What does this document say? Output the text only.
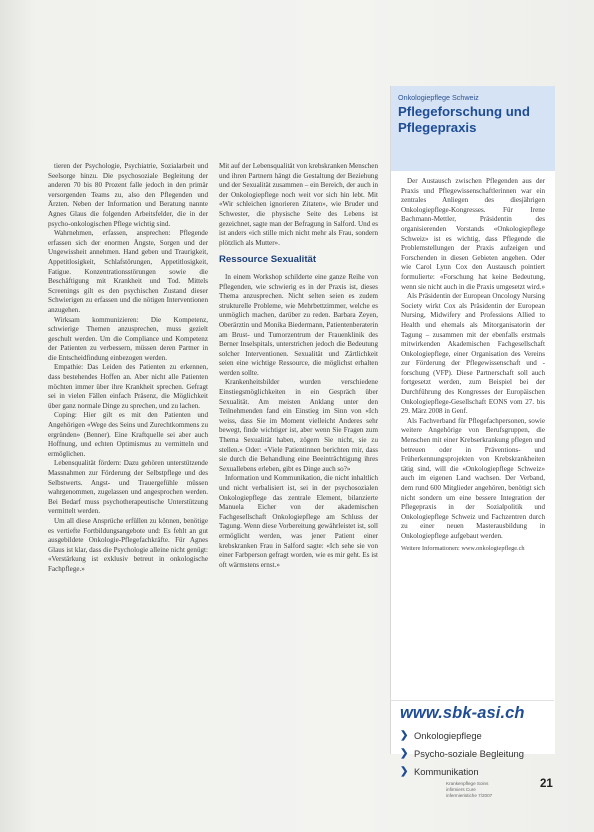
tieren der Psychologie, Psychiatrie, Sozialarbeit und Seelsorge hinzu. Die psychosoziale Begleitung der anderen 70 bis 80 Prozent falle jedoch in den primär versorgenden Teams zu, also den Pflegenden und Ärzten. Neben der Information und Beratung nannte Agnes Glaus die folgenden Arbeitsfelder, die in der psycho-onkologischen Pflege wichtig sind.

Wahrnehmen, erfassen, ansprechen: Pflegende erfassen sich der enormen Ängste, Sorgen und der Ungewissheit annehmen. Hand geben und Traurigkeit, Appetitlosigkeit, Schlafstörungen, Appetitlosigkeit, Fatigue. Konzentrationsstörungen sowie die Beschäftigung mit Krankheit und Tod. Mittels Screenings gilt es den psychischen Zustand dieser Schwierigen zu erfassen und die nötigen Interventionen anzugehen.

Wirksam kommunizieren: Die Kompetenz, schwierige Themen anzusprechen, muss gezielt geschult werden. Um die Compliance und Kompetenz der Patienten zu verbessern, müssen deren Partner in die Entscheidfindung einbezogen werden.

Empathie: Das Leiden des Patienten zu erkennen, dass bestehendes Hoffen an. Aber nicht alle Patienten möchten immer über ihre Krankheit sprechen. Gefragt sei in vielen Fällen einfach Präsenz, die Möglichkeit über ganz normale Dinge zu sprechen, und zu lachen.

Coping: Hier gilt es mit den Patienten und Angehörigen «Wege des Seins und Zurechtkommens zu ergründen» (Benner). Eine Kraftquelle sei aber auch Hoffnung, und echten Optimismus zu vermitteln und ermöglichen.

Lebensqualität fördern: Dazu gehören unterstützende Massnahmen zur Förderung der Selbstpflege und des Selbstwerts. Angst- und Trauergefühle müssen wahrgenommen, zugelassen und angesprochen werden. Bei Bedarf muss psychotherapeutische Unterstützung vermittelt werden.

Um all diese Ansprüche erfüllen zu können, benötige es vertiefte Fortbildungsangebote und: Es fehlt an gut ausgebildete Onkologie-Pflegefachkräfte. Für Agnes Glaus ist klar, dass die Psychologie alleine nicht genügt: «Verstärkung ist exklusiv betreut in onkologische Fachpflege.»

Mit auf der Lebensqualität von krebskranken Menschen und ihren Partnern hängt die Gestaltung der Beziehung und der Sexualität zusammen – ein Bereich, der auch in der Onkologiepflege noch weit vor sich hin lebt. Mit «Wir schleichen ignorieren Zitaten», wie Bruder und Schwester, die physische Seite des Lebens ist gezeichnet, sagte man der Befragung in Salford. Und es ist anders «ich stille mich nicht mehr als Frau, sondern plötzlich als Mutter».

Ressource Sexualität

In einem Workshop schilderte eine ganze Reihe von Pflegenden, wie schwierig es in der Praxis ist, dieses Thema anzusprechen. Nicht selten seien es zudem strukturelle Probleme, wie Mehrbettzimmer, welche es unmöglich machen, darüber zu reden. Barbara Zeyen, Oberärztin und Monika Biedermann, Patientenberaterin am Brust- und Tumorzentrum der Frauenklinik des Berner Inselspitals, unterstrichen jedoch die Bedeutung solcher Interventionen. Sexualität und Zärtlichkeit seien eine wichtige Ressource, die möglichst erhalten werden sollte.

Krankenheitsbilder wurden verschiedene Einstiegsmöglichkeiten in ein Gespräch über Sexualität. Am meisten Anklang unter den Teilnehmenden fand ein Einstieg im Sinn von «Ich weiss, dass Sie im Moment vielleicht Anderes sehr bewegt, finde wichtiger ist, aber wenn Sie Fragen zum Thema Sexualität haben, zögern Sie nicht, sie zu stellen.» Oder: «Viele Patientinnen berichten mir, dass sie durch die Behandlung eine Beeinträchtigung ihres Sexuallebens erleben, gibt es Dinge auch so?»

Information und Kommunikation, die nicht inhaltlich und nicht verbalisiert ist, sei in der psychosozialen Onkologiepflege das zentrale Element, bilanzierte Manuela Eicher von der akademischen Fachgesellschaft Onkologiepflege am Schluss der Tagung. Wenn diese Vorbereitung gewährleistet ist, soll ermöglicht werden, was jener Patient einer krebskranken Frau in Salford sagte: «Ich sehe sie von einer Farbperson gefragt worden, wie es mir geht. Es ist oft wärmstens ernst.»

Onkologiepflege Schweiz
Pflegeforschung und Pflegepraxis

Der Austausch zwischen Pflegenden aus der Praxis und Pflegewissenschaftlerinnen war ein zentrales Anliegen des diesjährigen Onkologiepflege-Kongresses. Für Irene Bachmann-Mettler, Präsidentin des organisierenden Vorstands «Onkologiepflege Schweiz» ist es wichtig, dass Pflegende die Problemstellungen der Praxis aufzeigen und Forschenden in diesen Gebieten angehen. Oder wie Carol Lynn Cox den Austausch pointiert formulierte: «Forschung hat keine Bedeutung, wenn sie nicht auch in die Praxis umgesetzt wird.»

Als Präsidentin der European Oncology Nursing Society wirkt Cox als Präsidentin der European Nursing, Midwifery and Professions Allied to Health und ehemals als Mitorganisatorin der Tagung – zusammen mit der ebenfalls erstmals mitwirkenden Akademischen Fachgesellschaft Onkologiepflege, einer Organisation des Vereins zur Förderung der Pflegewissenschaft und -forschung (VFP). Diese Partnerschaft soll auch fortgesetzt werden, zum Beispiel bei der Durchführung des Kongresses der Europäischen Onkologiepflege-Gesellschaft EONS vom 27. bis 29. März 2008 in Genf.

Als Fachverband für Pflegefachpersonen, sowie weitere Angehörige von Berufsgruppen, die Menschen mit einer Krebserkrankung pflegen und betreuen oder in Präventions- und Früherkennungsprojekten von Krebskrankheiten tätig sind, will die «Onkologiepflege Schweiz» auch im eigenen Land wachsen. Der Verband, dem rund 600 Mitglieder angehören, benötigt sich nicht sondern um eine bessere Integration der Pflegepraxis in der Sozialpolitik und Onkologiepflege Schweiz und Fachzentren durch zu einer neuen Masterausbildung in Onkologiepflege aufgebaut werden.

Weitere Informationen: www.onkologiepflege.ch

www.sbk-asi.ch
❯ Onkologiepflege
❯ Psycho-soziale Begleitung
❯ Kommunikation
Krankenpflege Soins infirmiers Cure infermieristiche 7/2007
21
